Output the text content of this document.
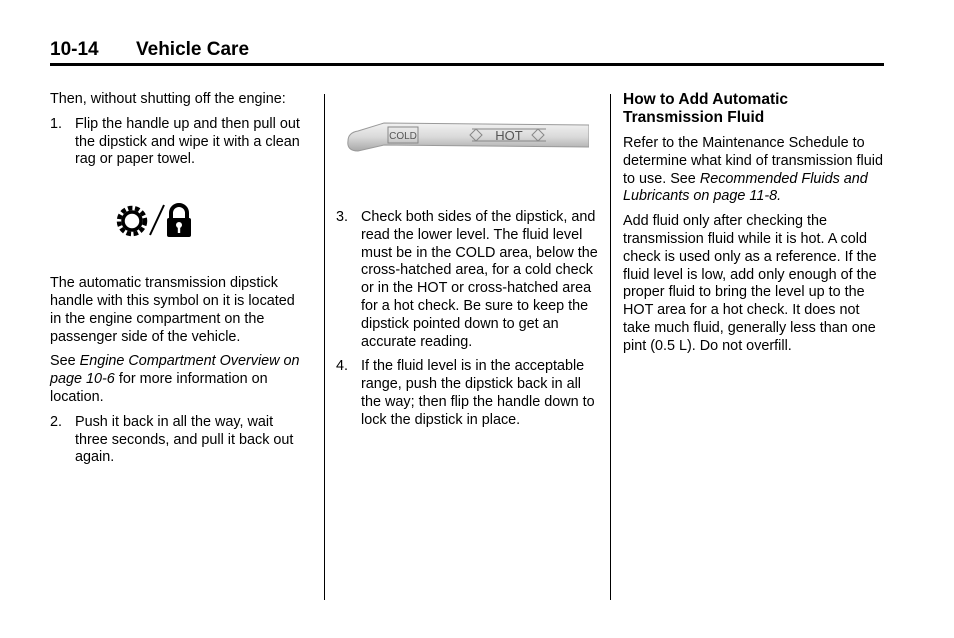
10-14 Vehicle Care

Then, without shutting off the engine:

1. Flip the handle up and then pull out the dipstick and wipe it with a clean rag or paper towel.

The automatic transmission dipstick handle with this symbol on it is located in the engine compartment on the passenger side of the vehicle.

See Engine Compartment Overview on page 10-6 for more information on location.

2. Push it back in all the way, wait three seconds, and pull it back out again.
COLD	HOT
3. Check both sides of the dipstick, and read the lower level. The fluid level must be in the COLD area, below the cross-hatched area, for a cold check or in the HOT or cross-hatched area for a hot check. Be sure to keep the dipstick pointed down to get an accurate reading.
4. If the fluid level is in the acceptable range, push the dipstick back in all the way; then flip the handle down to lock the dipstick in place.
How to Add Automatic Transmission Fluid

Refer to the Maintenance Schedule to determine what kind of transmission fluid to use. See Recommended Fluids and Lubricants on page 11-8.

Add fluid only after checking the transmission fluid while it is hot. A cold check is used only as a reference. If the fluid level is low, add only enough of the proper fluid to bring the level up to the HOT area for a hot check. It does not take much fluid, generally less than one pint (0.5 L). Do not overfill.
